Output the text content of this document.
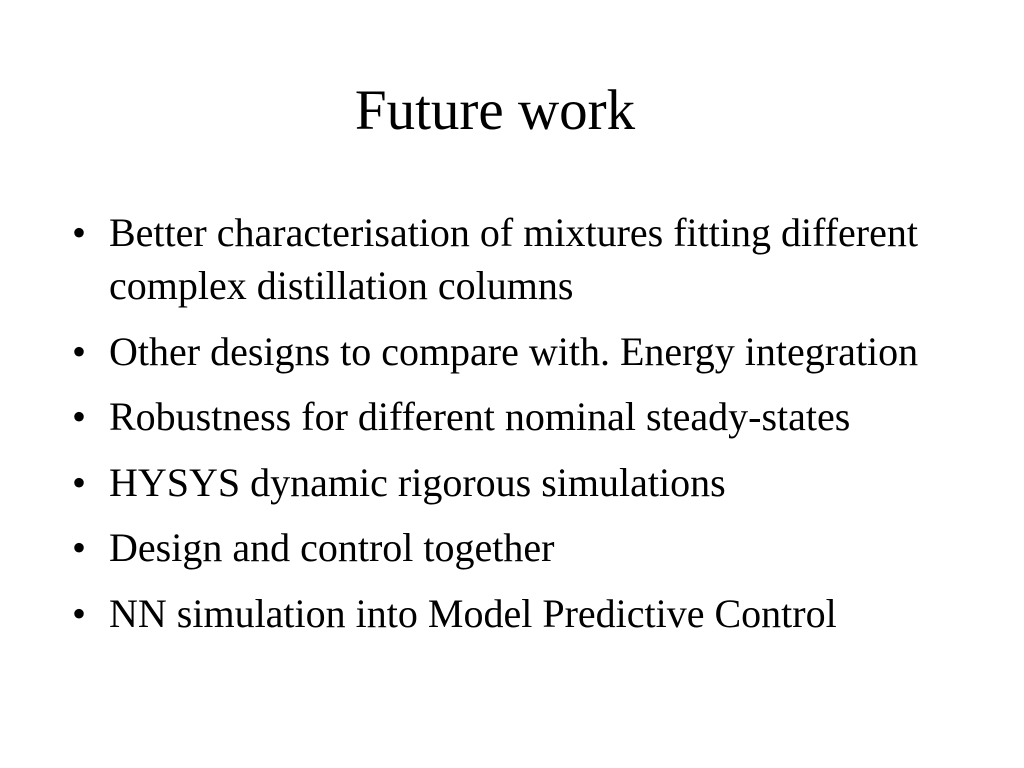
Future work
• Better characterisation of mixtures fitting different complex distillation columns
• Other designs to compare with. Energy integration
• Robustness for different nominal steady-states
• HYSYS dynamic rigorous simulations
• Design and control together
• NN simulation into Model Predictive Control
